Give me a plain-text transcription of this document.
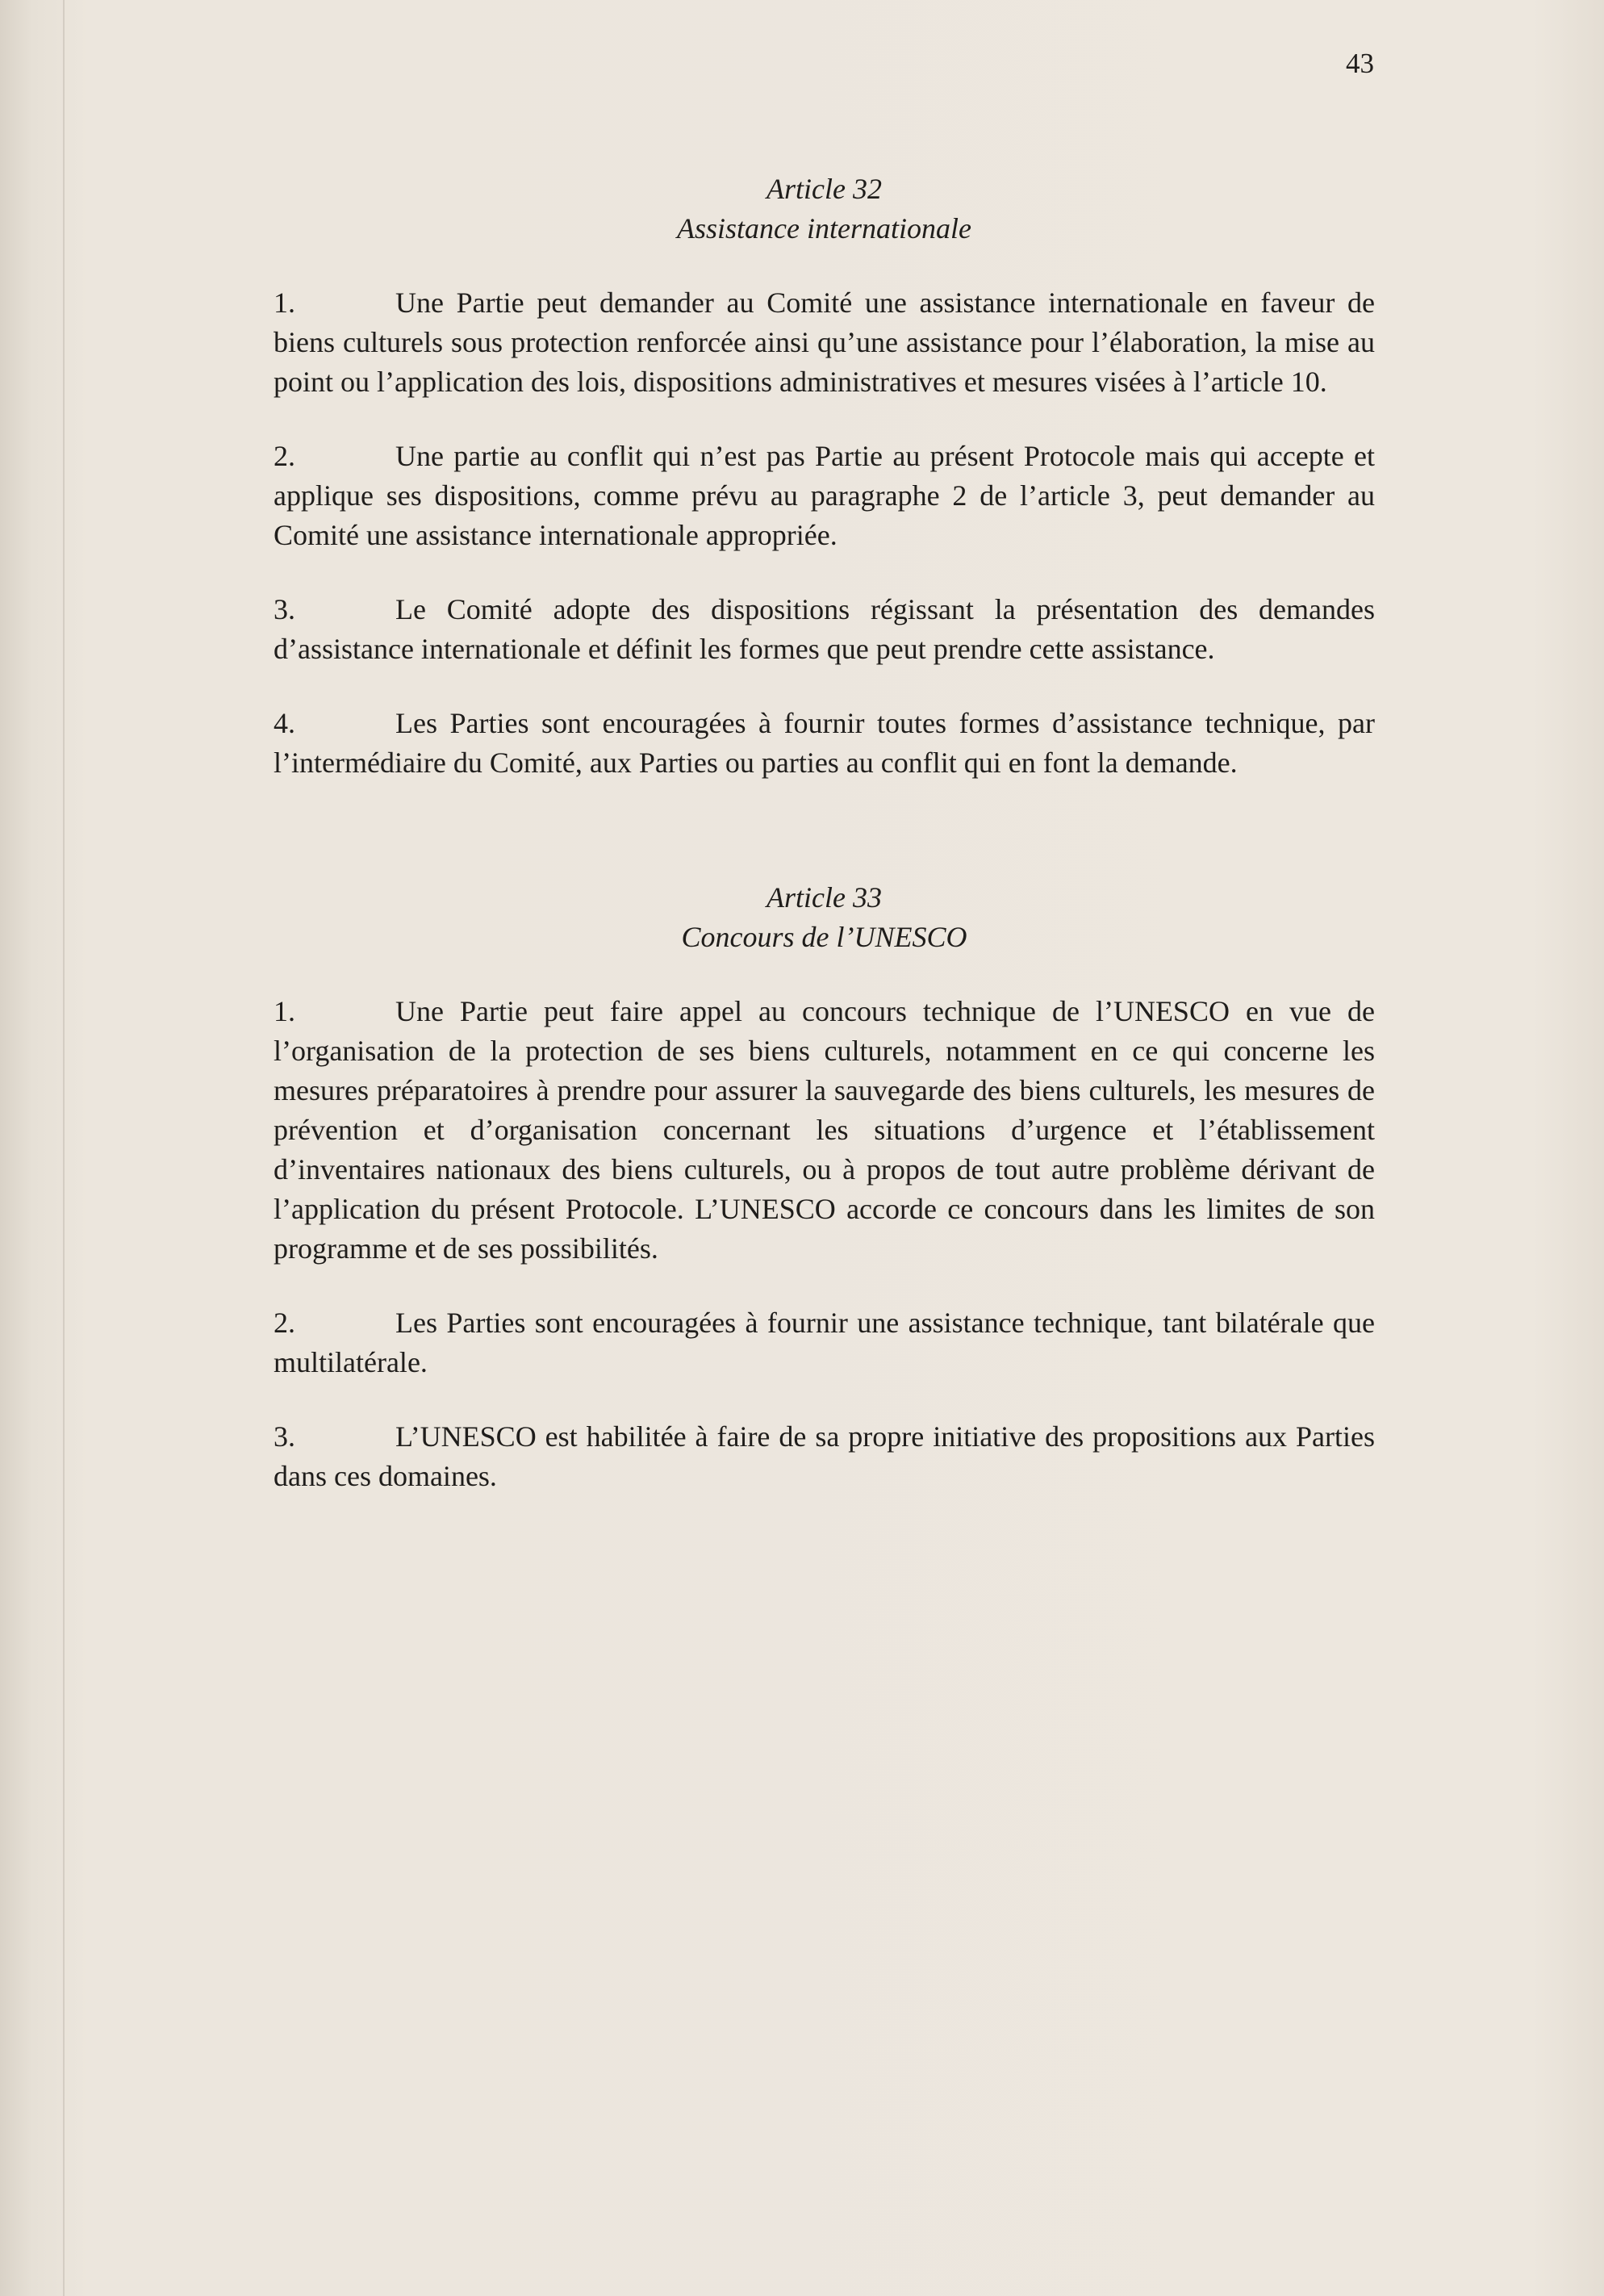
43
Article 32
Assistance internationale

1.	Une Partie peut demander au Comité une assistance internationale en faveur de biens culturels sous protection renforcée ainsi qu’une assistance pour l’élaboration, la mise au point ou l’application des lois, dispositions administratives et mesures visées à l’article 10.

2.	Une partie au conflit qui n’est pas Partie au présent Protocole mais qui accepte et applique ses dispositions, comme prévu au paragraphe 2 de l’article 3, peut demander au Comité une assistance internationale appropriée.

3.	Le Comité adopte des dispositions régissant la présentation des demandes d’assistance internationale et définit les formes que peut prendre cette assistance.

4.	Les Parties sont encouragées à fournir toutes formes d’assistance technique, par l’intermédiaire du Comité, aux Parties ou parties au conflit qui en font la demande.

Article 33
Concours de l’UNESCO

1.	Une Partie peut faire appel au concours technique de l’UNESCO en vue de l’organisation de la protection de ses biens culturels, notamment en ce qui concerne les mesures préparatoires à prendre pour assurer la sauvegarde des biens culturels, les mesures de prévention et d’organisation concernant les situations d’urgence et l’établissement d’inventaires nationaux des biens culturels, ou à propos de tout autre problème dérivant de l’application du présent Protocole. L’UNESCO accorde ce concours dans les limites de son programme et de ses possibilités.

2.	Les Parties sont encouragées à fournir une assistance technique, tant bilatérale que multilatérale.

3.	L’UNESCO est habilitée à faire de sa propre initiative des propositions aux Parties dans ces domaines.
